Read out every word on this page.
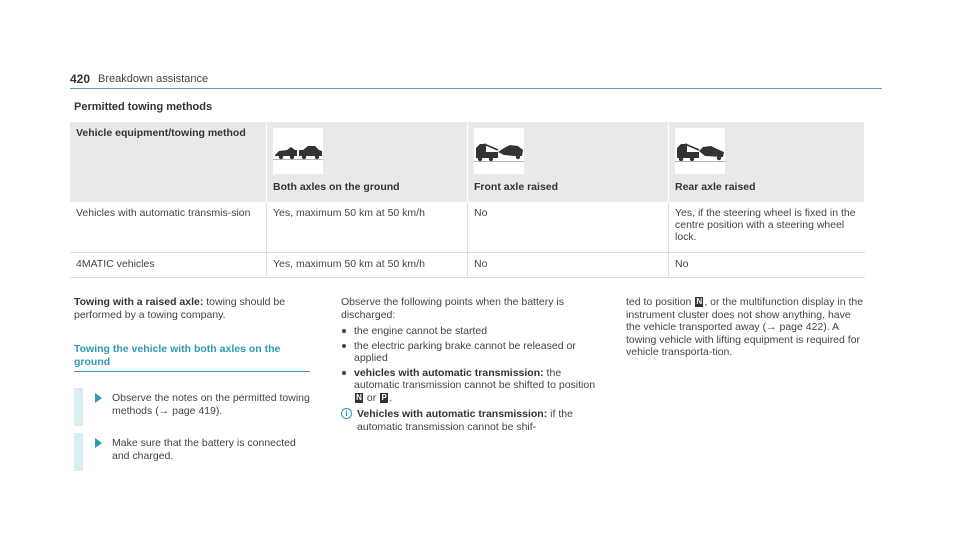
420 Breakdown assistance
Permitted towing methods
Vehicle equipment/towing method	Both axles on the ground	Front axle raised	Rear axle raised

Vehicles with automatic transmis-sion	Yes, maximum 50 km at 50 km/h	No	Yes, if the steering wheel is fixed in the centre position with a steering wheel lock.
4MATIC vehicles	Yes, maximum 50 km at 50 km/h	No	No
Towing with a raised axle: towing should be performed by a towing company.
Towing the vehicle with both axles on the ground
Observe the notes on the permitted towing methods (→ page 419).
Make sure that the battery is connected and charged.
Observe the following points when the battery is discharged:
the engine cannot be started
the electric parking brake cannot be released or applied
vehicles with automatic transmission: the automatic transmission cannot be shifted to position N or P .
i Vehicles with automatic transmission: if the automatic transmission cannot be shif-
ted to position N , or the multifunction display in the instrument cluster does not show anything, have the vehicle transported away (→ page 422). A towing vehicle with lifting equipment is required for vehicle transporta-tion.
